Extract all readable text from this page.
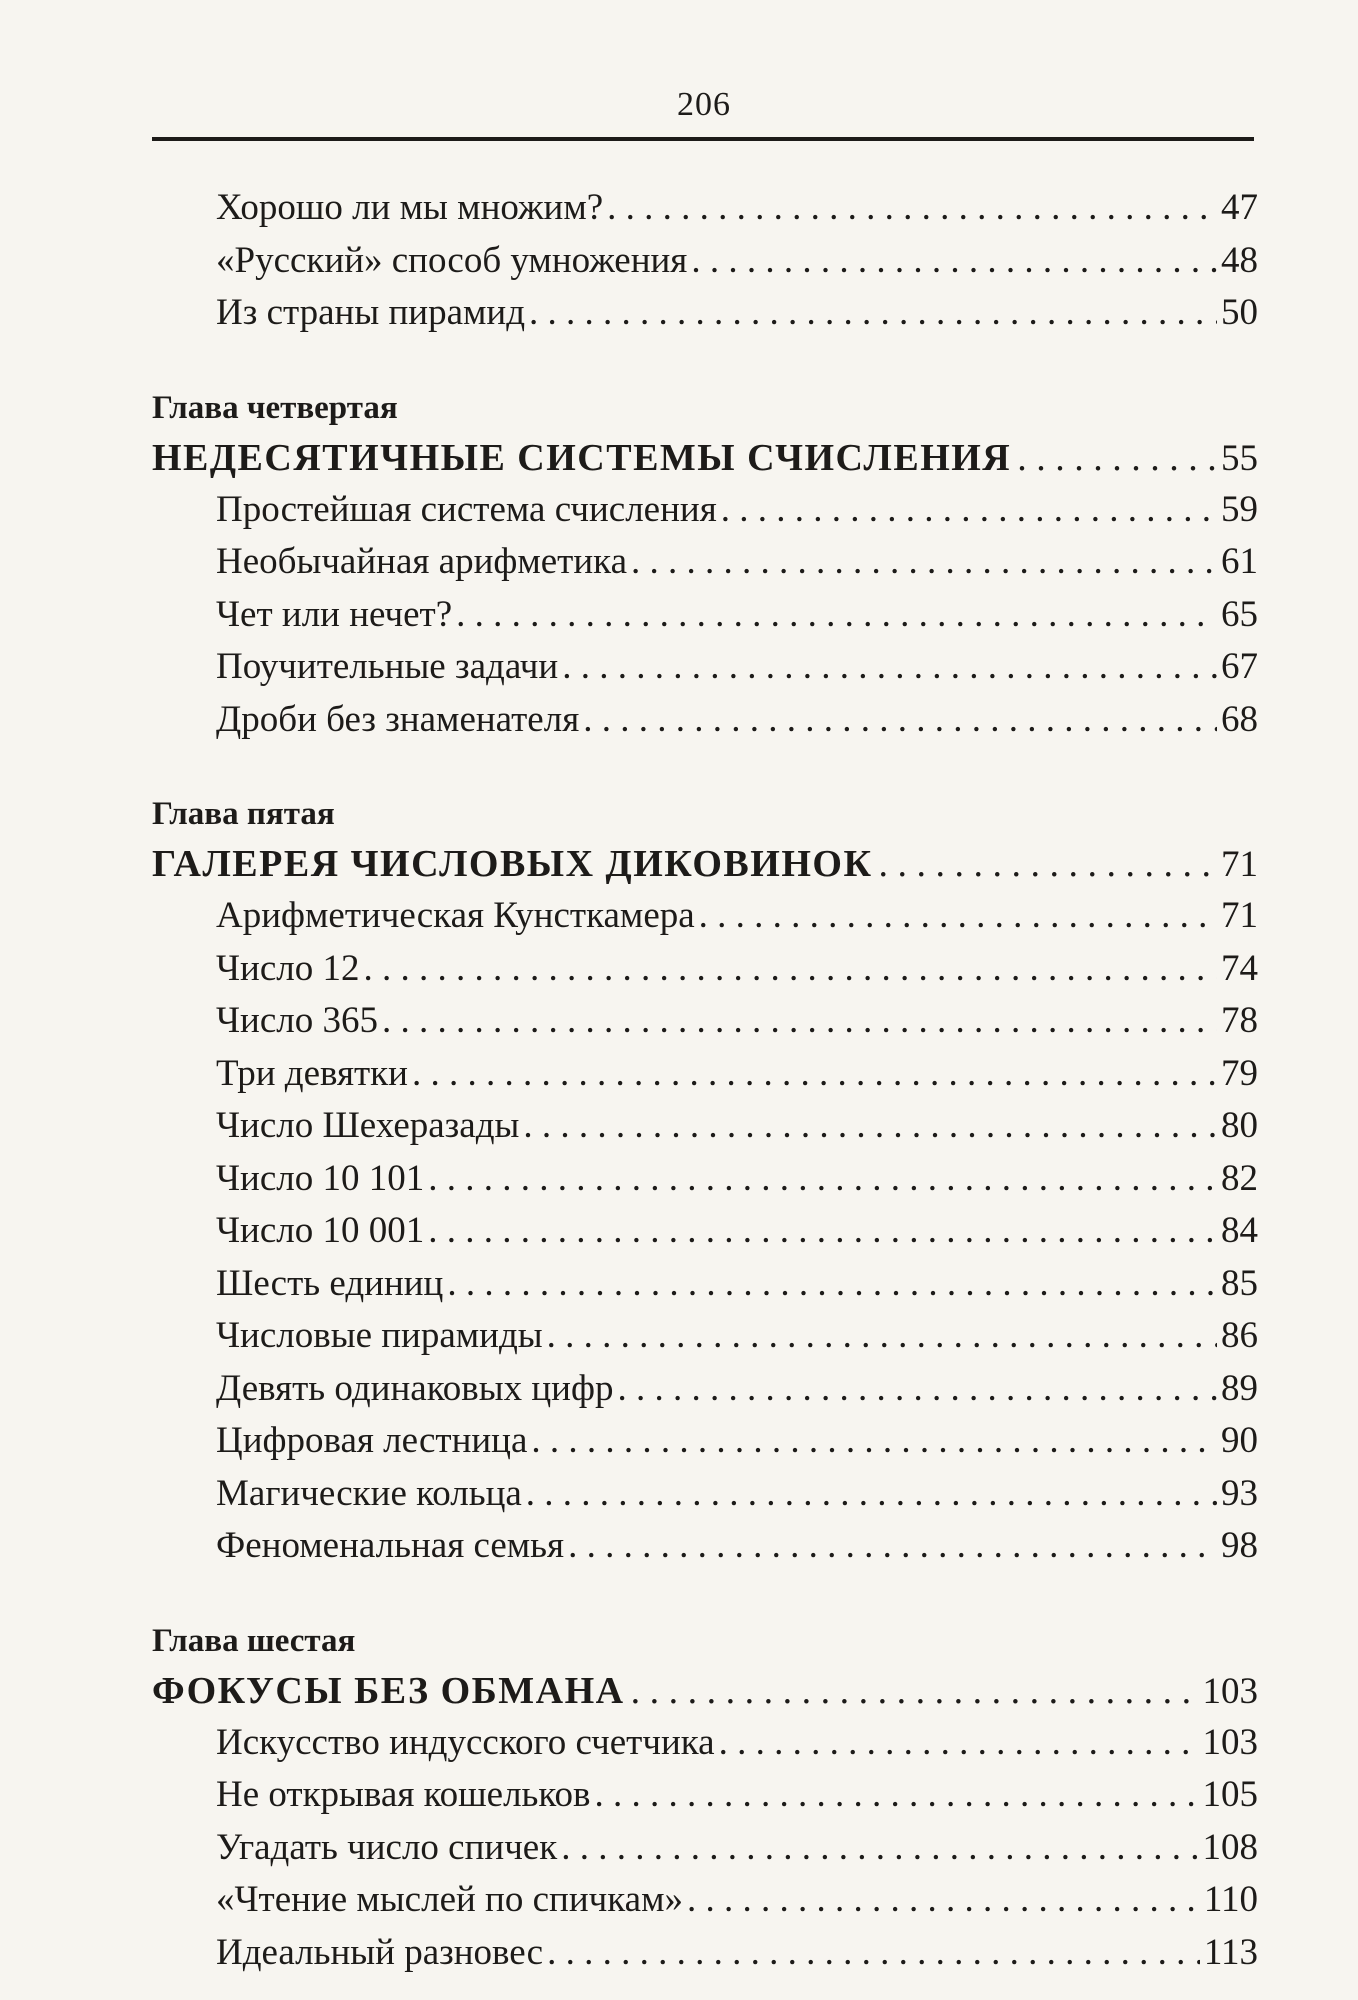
206
Хорошо ли мы множим? . . .	47
«Русский» способ умножения . . .	48
Из страны пирамид . . .	50
Глава четвертая
НЕДЕСЯТИЧНЫЕ СИСТЕМЫ СЧИСЛЕНИЯ . . .	55
Простейшая система счисления . . .	59
Необычайная арифметика . . .	61
Чет или нечет? . . .	65
Поучительные задачи . . .	67
Дроби без знаменателя . . .	68
Глава пятая
ГАЛЕРЕЯ ЧИСЛОВЫХ ДИКОВИНОК . . .	71
Арифметическая Кунсткамера . . .	71
Число 12 . . .	74
Число 365 . . .	78
Три девятки . . .	79
Число Шехеразады . . .	80
Число 10 101 . . .	82
Число 10 001 . . .	84
Шесть единиц . . .	85
Числовые пирамиды . . .	86
Девять одинаковых цифр . . .	89
Цифровая лестница . . .	90
Магические кольца . . .	93
Феноменальная семья . . .	98
Глава шестая
ФОКУСЫ БЕЗ ОБМАНА . . .	103
Искусство индусского счетчика . . .	103
Не открывая кошельков . . .	105
Угадать число спичек . . .	108
«Чтение мыслей по спичкам» . . .	110
Идеальный разновес . . .	113
